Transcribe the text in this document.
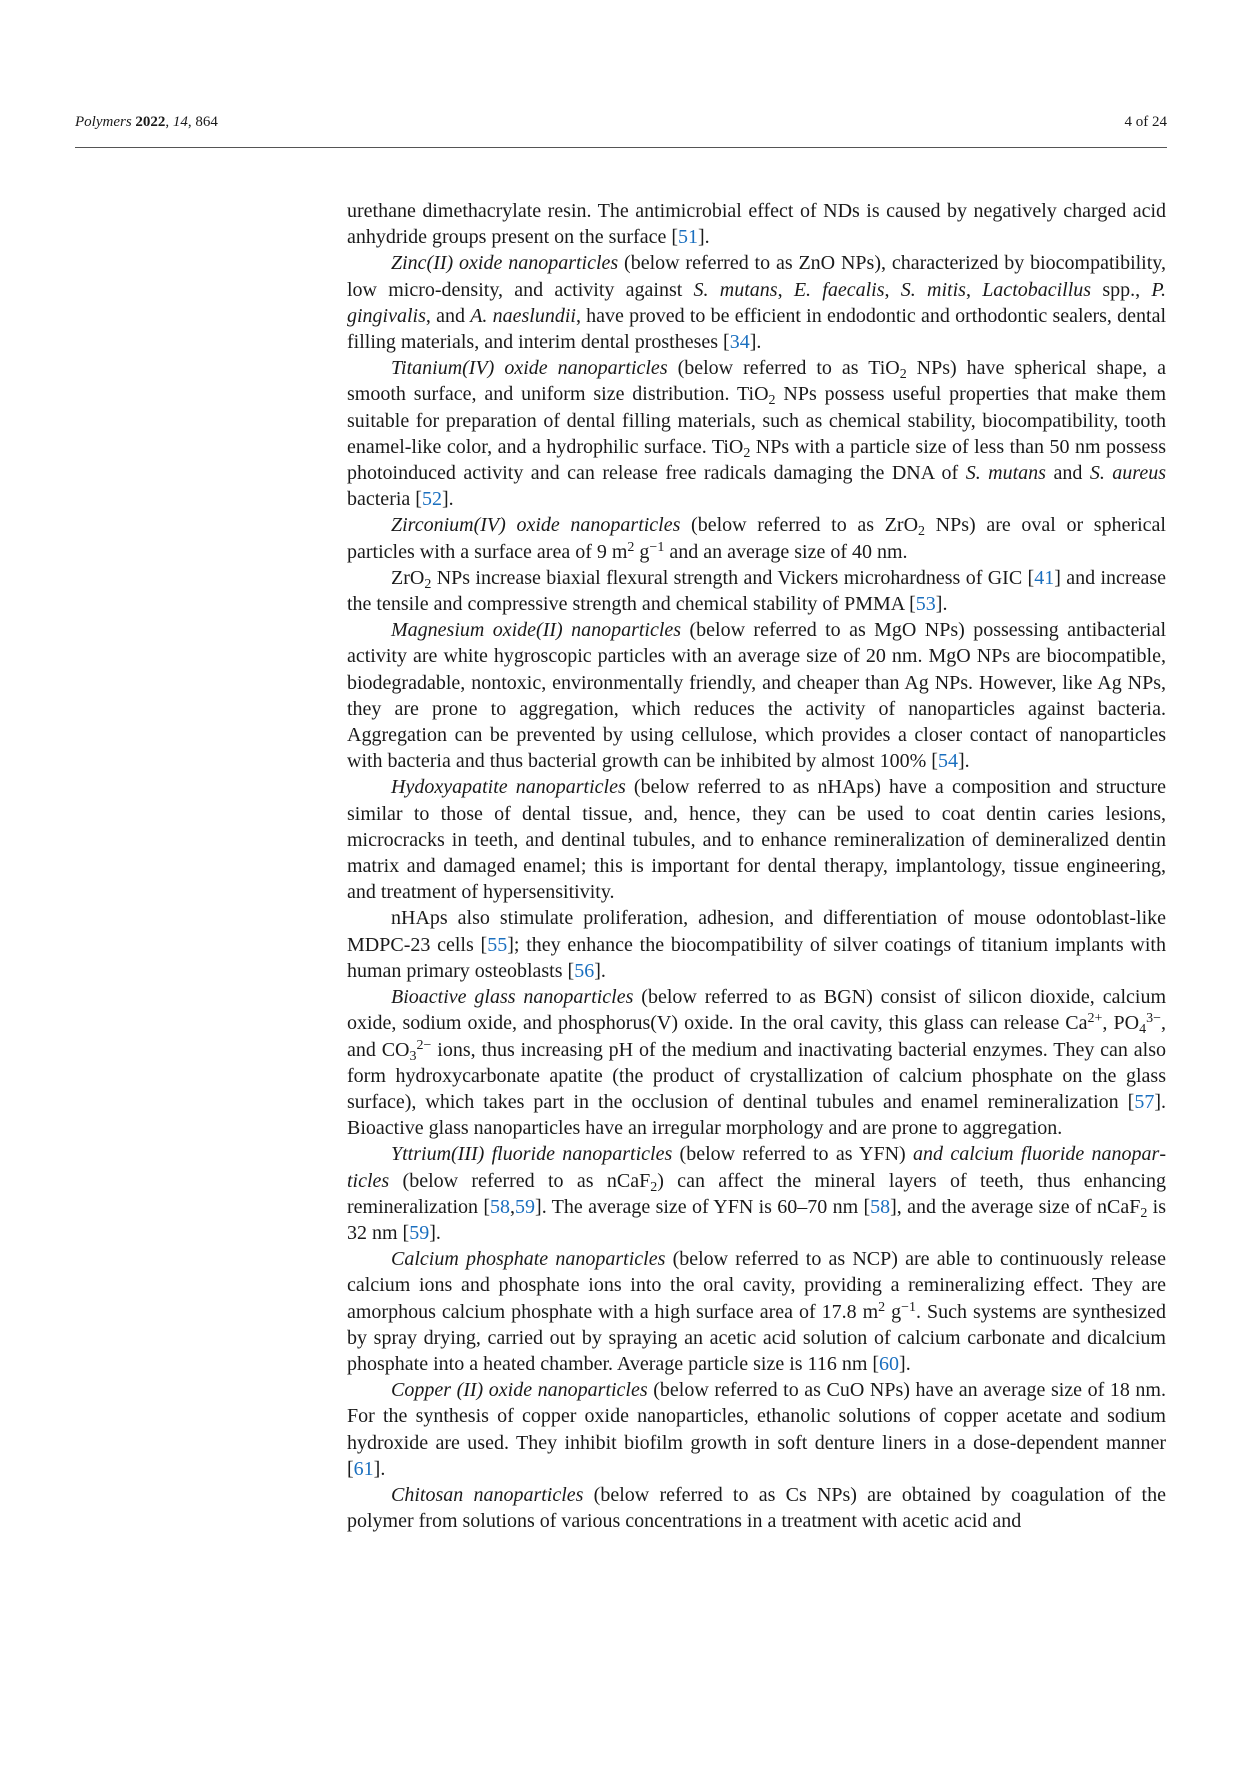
Polymers 2022, 14, 864	4 of 24

urethane dimethacrylate resin. The antimicrobial effect of NDs is caused by negatively charged acid anhydride groups present on the surface [51].

Zinc(II) oxide nanoparticles (below referred to as ZnO NPs), characterized by biocompatibility, low micro-density, and activity against S. mutans, E. faecalis, S. mitis, Lactobacillus spp., P. gingivalis, and A. naeslundii, have proved to be efficient in endodontic and orthodontic sealers, dental filling materials, and interim dental prostheses [34].

Titanium(IV) oxide nanoparticles (below referred to as TiO$_2$ NPs) have spherical shape, a smooth surface, and uniform size distribution. TiO$_2$ NPs possess useful properties that make them suitable for preparation of dental filling materials, such as chemical stability, biocompatibility, tooth enamel-like color, and a hydrophilic surface. TiO$_2$ NPs with a particle size of less than 50 nm possess photoinduced activity and can release free radicals damaging the DNA of S. mutans and S. aureus bacteria [52].

Zirconium(IV) oxide nanoparticles (below referred to as ZrO$_2$ NPs) are oval or spherical particles with a surface area of 9 $m^2$ $g^{-1}$ and an average size of 40 nm.

ZrO$_2$ NPs increase biaxial flexural strength and Vickers microhardness of GIC [41] and increase the tensile and compressive strength and chemical stability of PMMA [53].

Magnesium oxide(II) nanoparticles (below referred to as MgO NPs) possessing antibacterial activity are white hygroscopic particles with an average size of 20 nm. MgO NPs are biocompatible, biodegradable, nontoxic, environmentally friendly, and cheaper than Ag NPs. However, like Ag NPs, they are prone to aggregation, which reduces the activity of nanoparticles against bacteria. Aggregation can be prevented by using cellulose, which provides a closer contact of nanoparticles with bacteria and thus bacterial growth can be inhibited by almost 100% [54].

Hydoxyapatite nanoparticles (below referred to as nHAps) have a composition and structure similar to those of dental tissue, and, hence, they can be used to coat dentin caries lesions, microcracks in teeth, and dentinal tubules, and to enhance remineralization of demineralized dentin matrix and damaged enamel; this is important for dental therapy, implantology, tissue engineering, and treatment of hypersensitivity.

nHAps also stimulate proliferation, adhesion, and differentiation of mouse odontoblast-like MDPC-23 cells [55]; they enhance the biocompatibility of silver coatings of titanium implants with human primary osteoblasts [56].

Bioactive glass nanoparticles (below referred to as BGN) consist of silicon dioxide, calcium oxide, sodium oxide, and phosphorus(V) oxide. In the oral cavity, this glass can release $Ca^{2+}$, $PO_4^{3-}$, and $CO_3^{2-}$ ions, thus increasing pH of the medium and inactivating bacterial enzymes. They can also form hydroxycarbonate apatite (the product of crystallization of calcium phosphate on the glass surface), which takes part in the occlusion of dentinal tubules and enamel remineralization [57]. Bioactive glass nanoparticles have an irregular morphology and are prone to aggregation.

Yttrium(III) fluoride nanoparticles (below referred to as YFN) and calcium fluoride nanoparticles (below referred to as nCaF$_2$) can affect the mineral layers of teeth, thus enhancing remineralization [58,59]. The average size of YFN is 60–70 nm [58], and the average size of nCaF$_2$ is 32 nm [59].

Calcium phosphate nanoparticles (below referred to as NCP) are able to continuously release calcium ions and phosphate ions into the oral cavity, providing a remineralizing effect. They are amorphous calcium phosphate with a high surface area of 17.8 $m^2$ $g^{-1}$. Such systems are synthesized by spray drying, carried out by spraying an acetic acid solution of calcium carbonate and dicalcium phosphate into a heated chamber. Average particle size is 116 nm [60].

Copper (II) oxide nanoparticles (below referred to as CuO NPs) have an average size of 18 nm. For the synthesis of copper oxide nanoparticles, ethanolic solutions of copper acetate and sodium hydroxide are used. They inhibit biofilm growth in soft denture liners in a dose-dependent manner [61].

Chitosan nanoparticles (below referred to as Cs NPs) are obtained by coagulation of the polymer from solutions of various concentrations in a treatment with acetic acid and
